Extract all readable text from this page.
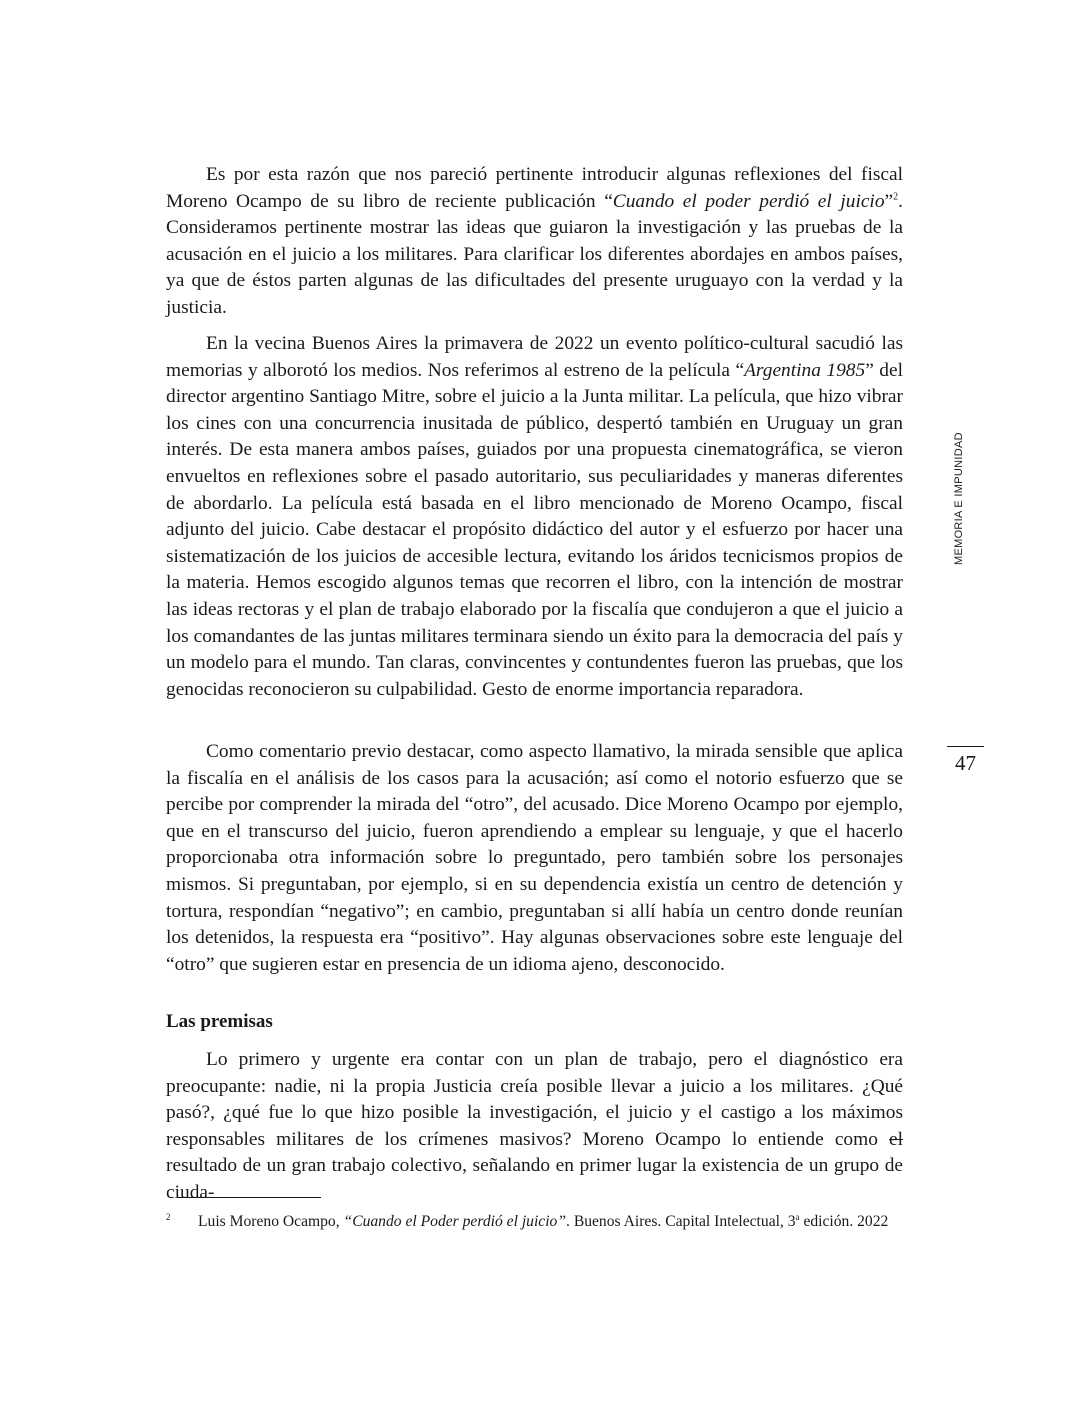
MEMORIA E IMPUNIDAD
47

Es por esta razón que nos pareció pertinente introducir algunas reflexiones del fiscal Moreno Ocampo de su libro de reciente publicación “Cuando el poder perdió el juicio”$^2$. Consideramos pertinente mostrar las ideas que guiaron la investigación y las pruebas de la acusación en el juicio a los militares. Para clarificar los diferentes abordajes en ambos países, ya que de éstos parten algunas de las dificultades del presente uruguayo con la verdad y la justicia.

En la vecina Buenos Aires la primavera de 2022 un evento político-cultural sacudió las memorias y alborotó los medios. Nos referimos al estreno de la película “Argentina 1985” del director argentino Santiago Mitre, sobre el juicio a la Junta militar. La película, que hizo vibrar los cines con una concurrencia inusitada de público, despertó también en Uruguay un gran interés. De esta manera ambos países, guiados por una propuesta cinematográfica, se vieron envueltos en reflexiones sobre el pasado autoritario, sus peculiaridades y maneras diferentes de abordarlo. La película está basada en el libro mencionado de Moreno Ocampo, fiscal adjunto del juicio. Cabe destacar el propósito didáctico del autor y el esfuerzo por hacer una sistematización de los juicios de accesible lectura, evitando los áridos tecnicismos propios de la materia. Hemos escogido algunos temas que recorren el libro, con la intención de mostrar las ideas rectoras y el plan de trabajo elaborado por la fiscalía que condujeron a que el juicio a los comandantes de las juntas militares terminara siendo un éxito para la democracia del país y un modelo para el mundo. Tan claras, convincentes y contundentes fueron las pruebas, que los genocidas reconocieron su culpabilidad. Gesto de enorme importancia reparadora.

Como comentario previo destacar, como aspecto llamativo, la mirada sensible que aplica la fiscalía en el análisis de los casos para la acusación; así como el notorio esfuerzo que se percibe por comprender la mirada del “otro”, del acusado. Dice Moreno Ocampo por ejemplo, que en el transcurso del juicio, fueron aprendiendo a emplear su lenguaje, y que el hacerlo proporcionaba otra información sobre lo preguntado, pero también sobre los personajes mismos. Si preguntaban, por ejemplo, si en su dependencia existía un centro de detención y tortura, respondían “negativo”; en cambio, preguntaban si allí había un centro donde reunían los detenidos, la respuesta era “positivo”. Hay algunas observaciones sobre este lenguaje del “otro” que sugieren estar en presencia de un idioma ajeno, desconocido.

Las premisas

Lo primero y urgente era contar con un plan de trabajo, pero el diagnóstico era preocupante: nadie, ni la propia Justicia creía posible llevar a juicio a los militares. ¿Qué pasó?, ¿qué fue lo que hizo posible la investigación, el juicio y el castigo a los máximos responsables militares de los crímenes masivos? Moreno Ocampo lo entiende como el resultado de un gran trabajo colectivo, señalando en primer lugar la existencia de un grupo de ciuda-

2 Luis Moreno Ocampo, “Cuando el Poder perdió el juicio”. Buenos Aires. Capital Intelectual, 3$^a$ edición. 2022
